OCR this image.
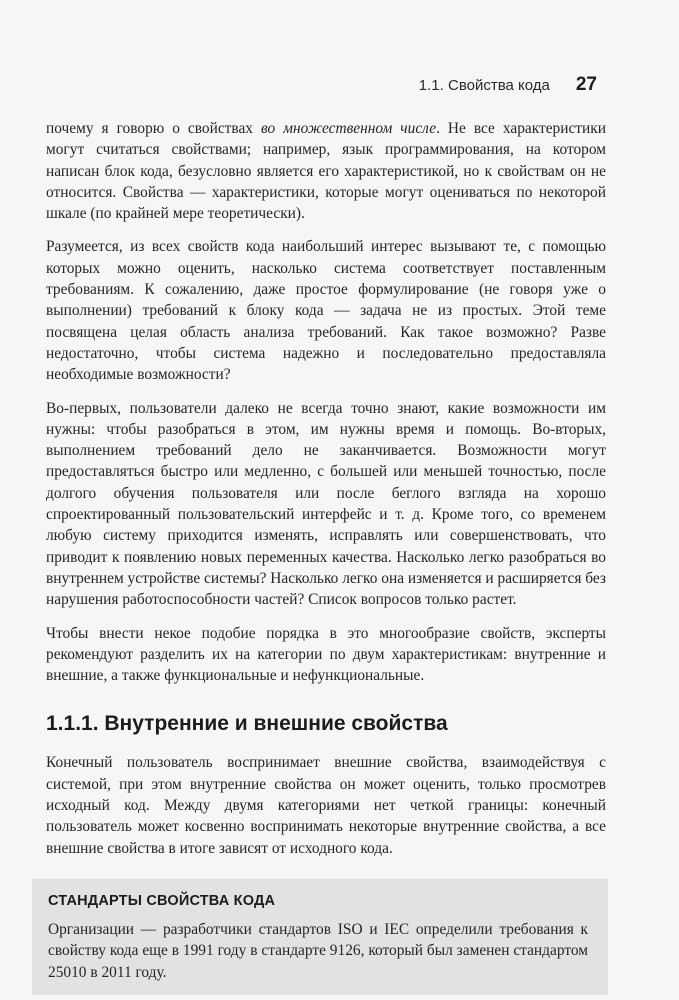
1.1. Свойства кода 27

почему я говорю о свойствах во множественном числе. Не все характеристики могут считаться свойствами; например, язык программирования, на котором написан блок кода, безусловно является его характеристикой, но к свойствам он не относится. Свойства — характеристики, которые могут оцениваться по некоторой шкале (по крайней мере теоретически).

Разумеется, из всех свойств кода наибольший интерес вызывают те, с помощью которых можно оценить, насколько система соответствует поставленным требованиям. К сожалению, даже простое формулирование (не говоря уже о выполнении) требований к блоку кода — задача не из простых. Этой теме посвящена целая область анализа требований. Как такое возможно? Разве недостаточно, чтобы система надежно и последовательно предоставляла необходимые возможности?

Во-первых, пользователи далеко не всегда точно знают, какие возможности им нужны: чтобы разобраться в этом, им нужны время и помощь. Во-вторых, выполнением требований дело не заканчивается. Возможности могут предоставляться быстро или медленно, с большей или меньшей точностью, после долгого обучения пользователя или после беглого взгляда на хорошо спроектированный пользовательский интерфейс и т. д. Кроме того, со временем любую систему приходится изменять, исправлять или совершенствовать, что приводит к появлению новых переменных качества. Насколько легко разобраться во внутреннем устройстве системы? Насколько легко она изменяется и расширяется без нарушения работоспособности частей? Список вопросов только растет.

Чтобы внести некое подобие порядка в это многообразие свойств, эксперты рекомендуют разделить их на категории по двум характеристикам: внутренние и внешние, а также функциональные и нефункциональные.

1.1.1. Внутренние и внешние свойства

Конечный пользователь воспринимает внешние свойства, взаимодействуя с системой, при этом внутренние свойства он может оценить, только просмотрев исходный код. Между двумя категориями нет четкой границы: конечный пользователь может косвенно воспринимать некоторые внутренние свойства, а все внешние свойства в итоге зависят от исходного кода.

СТАНДАРТЫ СВОЙСТВА КОДА

Организации — разработчики стандартов ISO и IEC определили требования к свойству кода еще в 1991 году в стандарте 9126, который был заменен стандартом 25010 в 2011 году.
